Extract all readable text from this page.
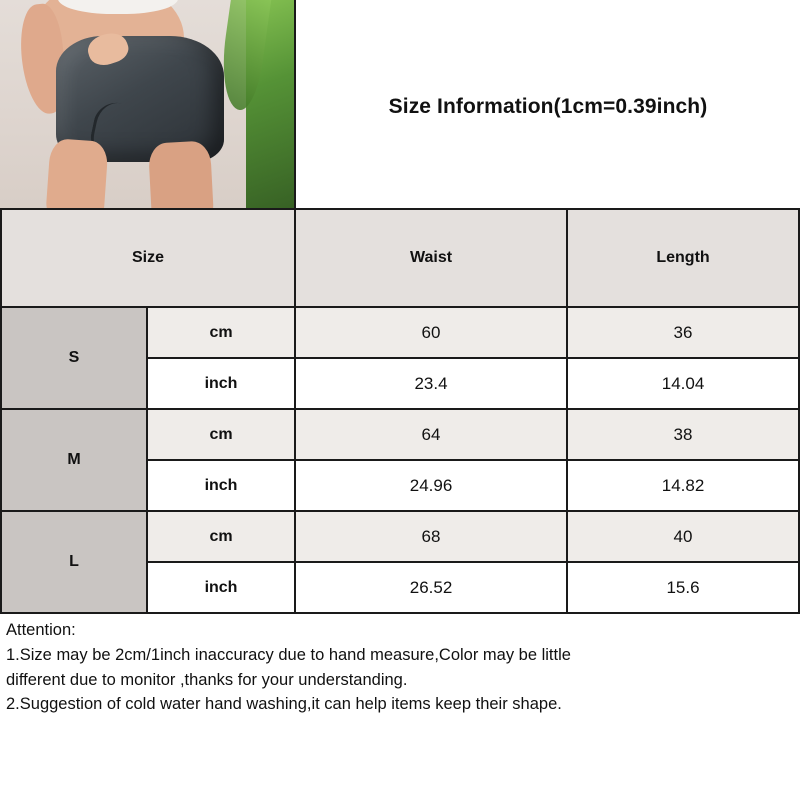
Size Information(1cm=0.39inch)
Size		Waist	Length
S	cm	60	36
	inch	23.4	14.04
M	cm	64	38
	inch	24.96	14.82
L	cm	68	40
	inch	26.52	15.6

Attention:

1.Size may be 2cm/1inch inaccuracy due to hand measure,Color may be little

different due to monitor ,thanks for your understanding.

2.Suggestion of cold water hand washing,it can help items keep their shape.
